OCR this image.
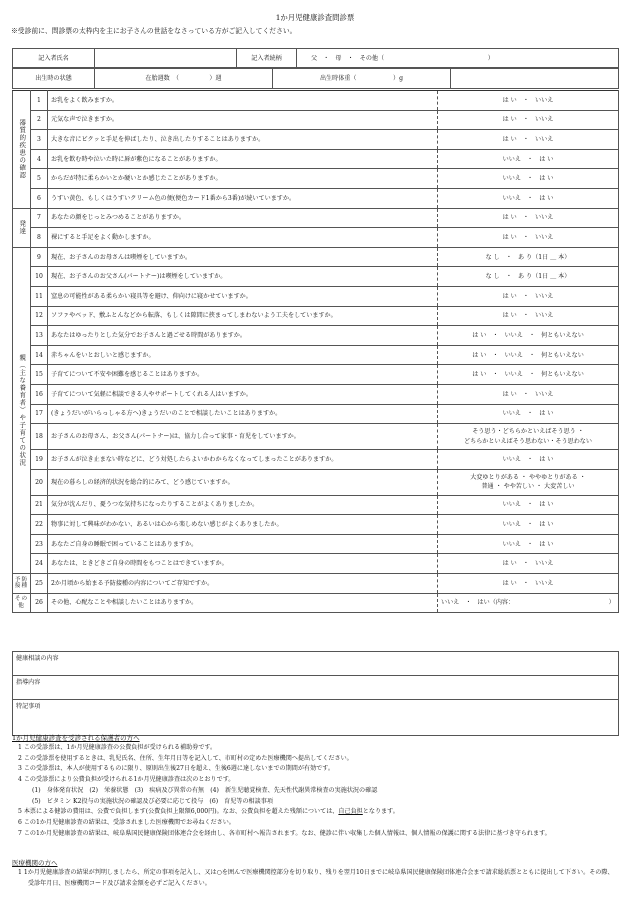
1か月児健康診査問診票
※受診前に、問診票の太枠内を主にお子さんの世話をなさっている方がご記入してください。
記入者氏名		記入者続柄	父　・　母　・　その他（　　　　　　　　　　　　　　　　　）
出生時の状態	在胎週数　（　　　　　）週	出生時体重（　　　　　　）g	
器質的疾患の確認	1	お乳をよく飲みますか。	は い　・　いいえ
	2	元気な声で泣きますか。	は い　・　いいえ
	3	大きな音にビクッと手足を伸ばしたり、泣き出したりすることはありますか。	は い　・　いいえ
	4	お乳を飲む時や泣いた時に唇が紫色になることがありますか。	いいえ　・　は い
	5	からだが特に柔らかいとか硬いとか感じたことがありますか。	いいえ　・　は い
	6	うすい黄色、もしくはうすいクリーム色の便(便色カード1番から3番)が続いていますか。	いいえ　・　は い
発達	7	あなたの顔をじっとみつめることがありますか。	は い　・　いいえ
	8	裸にすると手足をよく動かしますか。	は い　・　いいえ
親（主な養育者）や子育ての状況	9	現在、お子さんのお母さんは喫煙をしていますか。	な し　・　あ り（1日 ＿ 本）
	10	現在、お子さんのお父さん(パートナー)は喫煙をしていますか。	な し　・　あ り（1日 ＿ 本）
	11	窒息の可能性がある柔らかい寝具等を避け、仰向けに寝かせていますか。	は い　・　いいえ
	12	ソファやベッド、敷ふとんなどから転落、もしくは隙間に挟まってしまわないよう工夫をしていますか。	は い　・　いいえ
	13	あなたはゆったりとした気分でお子さんと過ごせる時間がありますか。	は い　・　いいえ　・　何ともいえない
	14	赤ちゃんをいとおしいと感じますか。	は い　・　いいえ　・　何ともいえない
	15	子育てについて不安や困難を感じることはありますか。	は い　・　いいえ　・　何ともいえない
	16	子育てについて気軽に相談できる人やサポートしてくれる人はいますか。	は い　・　いいえ
	17	(きょうだいがいらっしゃる方へ)きょうだいのことで相談したいことはありますか。	いいえ　・　は い
	18	お子さんのお母さん、お父さん(パートナー)は、協力し合って家事・育児をしていますか。	そう思う・どちらかといえばそう思う ・
どちらかといえばそう思わない・そう思わない

	19	お子さんが泣き止まない時などに、どう対処したらよいかわからなくなってしまったことがありますか。	いいえ　・　は い
	20	現在の暮らしの経済的状況を総合的にみて、どう感じていますか。	大変ゆとりがある ・ ややゆとりがある ・
普通 ・ やや苦しい ・ 大変苦しい

	21	気分が沈んだり、憂うつな気持ちになったりすることがよくありましたか。	いいえ　・　は い
	22	物事に対して興味がわかない、あるいは心から楽しめない感じがよくありましたか。	いいえ　・　は い
	23	あなたご自身の睡眠で困っていることはありますか。	いいえ　・　は い
	24	あなたは、ときどきご自身の時間をもつことはできていますか。	は い　・　いいえ
予防接種	25	2か月頃から始まる予防接種の内容についてご存知ですか。	は い　・　いいえ
その他	26	その他、心配なことや相談したいことはありますか。	いいえ　・　はい（内容：　　　　　　　　　　　　　　　　）
健康相談の内容
指導内容
特記事項
1か月児健康診査を受診される保護者の方へ
1 この受診票は、1か月児健康診査の公費負担が受けられる補助券です。
2 この受診票を使用するときは、乳児氏名、住所、生年月日等を記入して、市町村の定めた医療機関へ提出してください。
3 この受診票は、本人が使用するものに限り、原則出生後27日を超え、生後6週に達しないまでの期間が有効です。
4 この受診票により公費負担が受けられる1か月児健康診査は次のとおりです。
(1)　身体発育状況　(2)　栄養状態　(3)　疾病及び異常の有無　(4)　新生児聴覚検査、先天性代謝異常検査の実施状況の確認
(5)　ビタミン K2投与の実施状況の確認及び必要に応じて投与　(6)　育児等の相談事項
5 本票による健診の費用は、公費で負担します(公費負担上限額6,000円)。なお、公費負担を超えた残額については、自己負担となります。
6 この1か月児健康診査の結果は、受診されました医療機関でお尋ねください。
7 この1か月児健康診査の結果は、岐阜県国民健康保険団体連合会を経由し、各市町村へ報告されます。なお、健診に伴い収集した個人情報は、個人情報の保護に関する法律に基づき守られます。
医療機関の方へ
1 1か月児健康診査の結果が判明しましたら、所定の事項を記入し、又は○を囲んで医療機関控部分を切り取り、残りを翌月10日までに岐阜県国民健康保険団体連合会まで請求総括票とともに提出して下さい。その際、受診年月日、医療機関コード及び請求金額を必ずご記入ください。
